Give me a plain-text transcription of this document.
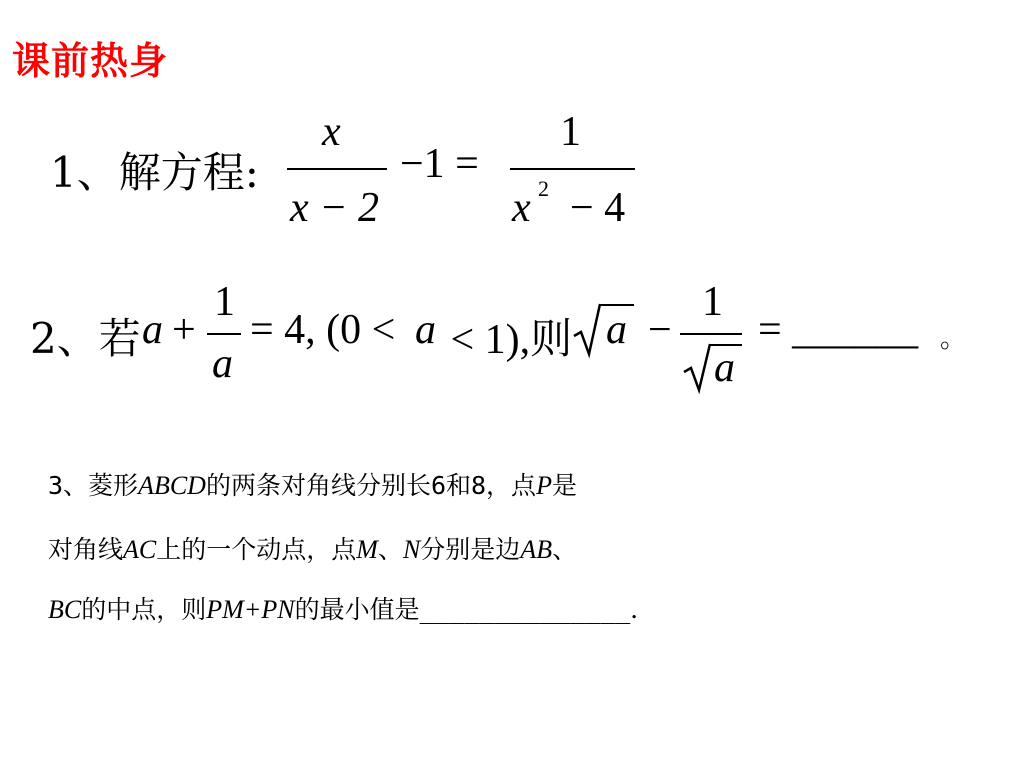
课前热身
1、解方程:
x
x − 2
−1 =
1
x 2 − 4
2、若 a +
1
a
= 4, (0 < a < 1),则 a −
1
a
= ______ 。
3、菱形ABCD的两条对角线分别长6和8，点P是
对角线AC上的一个动点，点M、N分别是边AB、
BC的中点，则PM+PN的最小值是______________．
